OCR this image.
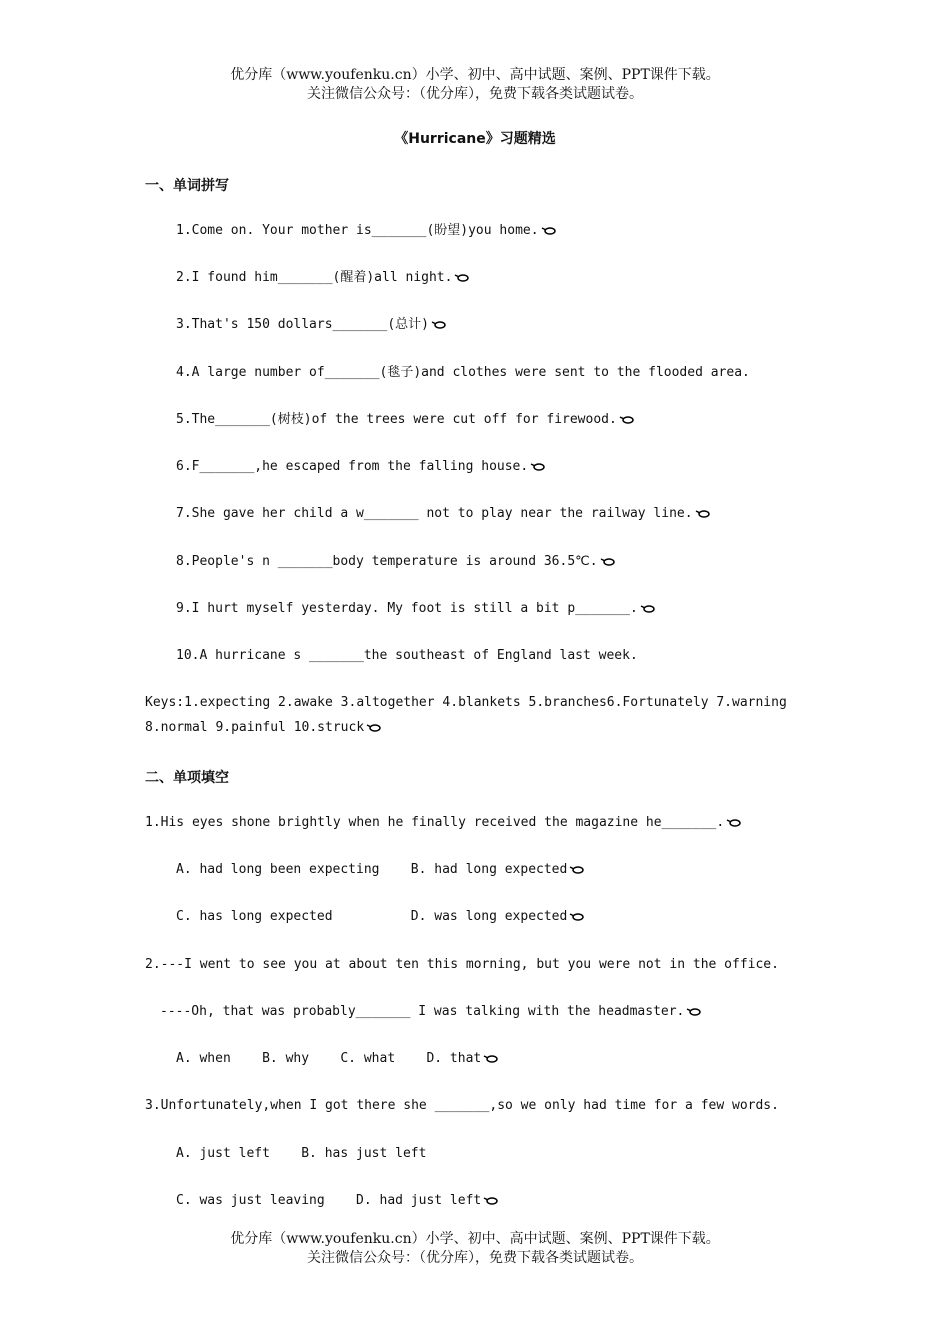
优分库（www.youfenku.cn）小学、初中、高中试题、案例、PPT课件下载。
关注微信公众号：（优分库），免费下载各类试题试卷。
《Hurricane》习题精选
一、单词拼写
1.Come on. Your mother is_______(盼望)you home.
2.I found him_______(醒着)all night.
3.That's 150 dollars_______(总计)
4.A large number of_______(毯子)and clothes were sent to the flooded area.
5.The_______(树枝)of the trees were cut off for firewood.
6.F_______,he escaped from the falling house.
7.She gave her child a w_______ not to play near the railway line.
8.People's n _______body temperature is around 36.5℃.
9.I hurt myself yesterday. My foot is still a bit p_______.
10.A hurricane s _______the southeast of England last week.
Keys:1.expecting 2.awake 3.altogether 4.blankets 5.branches6.Fortunately 7.warning
8.normal 9.painful 10.struck
二、单项填空
1.His eyes shone brightly when he finally received the magazine he_______.
A. had long been expecting    B. had long expected
C. has long expected          D. was long expected
2.---I went to see you at about ten this morning, but you were not in the office.
----Oh, that was probably_______ I was talking with the headmaster.
A. when    B. why    C. what    D. that
3.Unfortunately,when I got there she _______,so we only had time for a few words.
A. just left    B. has just left
C. was just leaving    D. had just left
优分库（www.youfenku.cn）小学、初中、高中试题、案例、PPT课件下载。
关注微信公众号：（优分库），免费下载各类试题试卷。
